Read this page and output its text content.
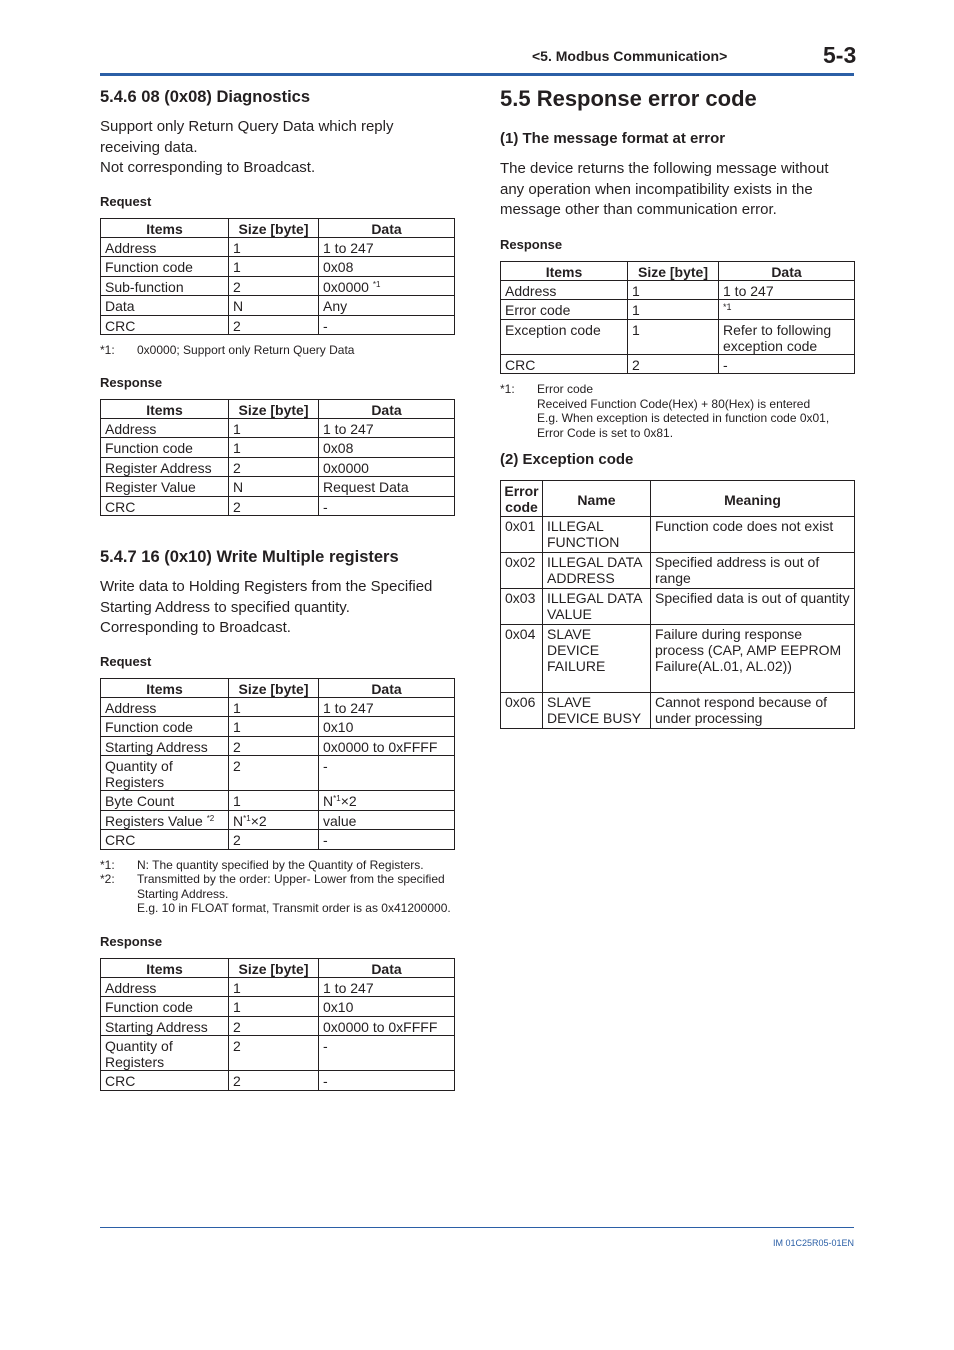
<5. Modbus Communication>	5-3
5.4.6 08 (0x08) Diagnostics

Support only Return Query Data which reply receiving data.

Not corresponding to Broadcast.

Request
Items	Size [byte]	Data
Address	1	1 to 247
Function code	1	0x08
Sub-function	2	0x0000 $^{*1}$
Data	N	Any
CRC	2	-
*1:	0x0000; Support only Return Query Data
Response
Items	Size [byte]	Data
Address	1	1 to 247
Function code	1	0x08
Register Address	2	0x0000
Register Value	N	Request Data
CRC	2	-
5.4.7 16 (0x10) Write Multiple registers

Write data to Holding Registers from the Specified Starting Address to specified quantity.

Corresponding to Broadcast.

Request
Items	Size [byte]	Data
Address	1	1 to 247
Function code	1	0x10
Starting Address	2	0x0000 to 0xFFFF
Quantity of Registers	2	-
Byte Count	1	$N^{*1}\times 2$
Registers Value $^{*2}$	$N^{*1}\times 2$	value
CRC	2	-
*1:	N: The quantity specified by the Quantity of Registers.
*2:	Transmitted by the order: Upper- Lower from the specified Starting Address.
E.g. 10 in FLOAT format, Transmit order is as 0x41200000.
Response
Items	Size [byte]	Data
Address	1	1 to 247
Function code	1	0x10
Starting Address	2	0x0000 to 0xFFFF
Quantity of Registers	2	-
CRC	2	-
5.5 Response error code
(1) The message format at error

The device returns the following message without any operation when incompatibility exists in the message other than communication error.

Response
Items	Size [byte]	Data
Address	1	1 to 247
Error code	1	*1
Exception code	1	Refer to following exception code
CRC	2	-
*1:	Error code
Received Function Code(Hex) + 80(Hex) is entered
E.g. When exception is detected in function code 0x01, Error Code is set to 0x81.
(2) Exception code
Error code	Name	Meaning
0x01	ILLEGAL FUNCTION	Function code does not exist
0x02	ILLEGAL DATA ADDRESS	Specified address is out of range
0x03	ILLEGAL DATA VALUE	Specified data is out of quantity
0x04	SLAVE DEVICE FAILURE	Failure during response process (CAP, AMP EEPROM Failure(AL.01, AL.02))
0x06	SLAVE DEVICE BUSY	Cannot respond because of under processing
IM 01C25R05-01EN
